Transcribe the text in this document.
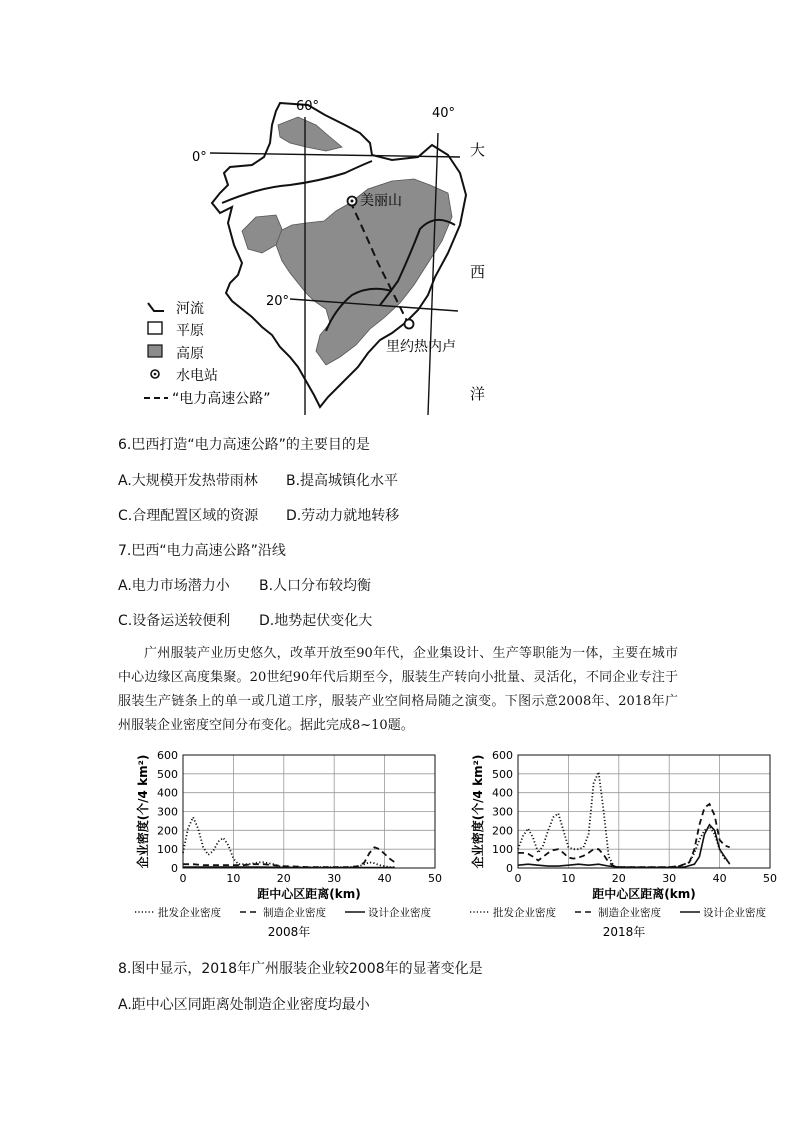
60°	40°
0°
20°
大
西
洋
美丽山
里约热内卢
河流
平原
高原
水电站
“电力高速公路”
6.巴西打造“电力高速公路”的主要目的是
A.大规模开发热带雨林 B.提高城镇化水平
C.合理配置区域的资源 D.劳动力就地转移
7.巴西“电力高速公路”沿线
A.电力市场潜力小 B.人口分布较均衡
C.设备运送较便利 D.地势起伏变化大
广州服装产业历史悠久，改革开放至90年代，企业集设计、生产等职能为一体，主要在城市中心边缘区高度集聚。20世纪90年代后期至今，服装生产转向小批量、灵活化，不同企业专注于服装生产链条上的单一或几道工序，服装产业空间格局随之演变。下图示意2008年、2018年广州服装企业密度空间分布变化。据此完成8~10题。
0	10	20	30	40	50
0
100
200
300
400
500
600
距中心区距离(km)
企业密度(个/4 km²)
批发企业密度	制造企业密度	设计企业密度
2008年
0	10	20	30	40	50
0
100
200
300
400
500
600
距中心区距离(km)
企业密度(个/4 km²)
批发企业密度	制造企业密度	设计企业密度
2018年
8.图中显示，2018年广州服装企业较2008年的显著变化是
A.距中心区同距离处制造企业密度均最小
